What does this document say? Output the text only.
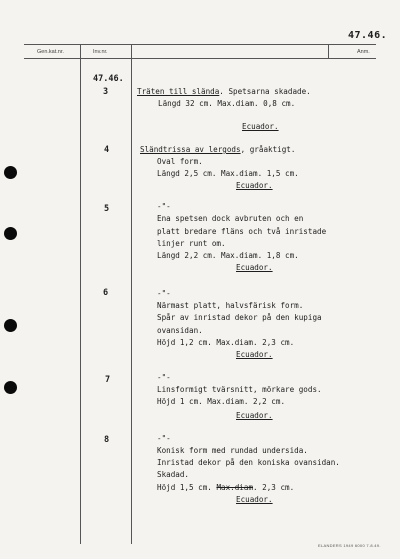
47.46.
Gen.kat.nr.	Inv.nr.	Anm.
47.46.
3	Träten till slända. Spetsarna skadade.
Längd 32 cm. Max.diam. 0,8 cm.
Ecuador.
4	Sländtrissa av lergods, gråaktigt.
Oval form.
Längd 2,5 cm. Max.diam. 1,5 cm.
Ecuador.
5	-"-
Ena spetsen dock avbruten och en
platt bredare fläns och två inristade
linjer runt om.
Längd 2,2 cm. Max.diam. 1,8 cm.
Ecuador.
6	-"-
Närmast platt, halvsfärisk form.
Spår av inristad dekor på den kupiga
ovansidan.
Höjd 1,2 cm. Max.diam. 2,3 cm.
Ecuador.
7	-"-
Linsformigt tvärsnitt, mörkare gods.
Höjd 1 cm. Max.diam. 2,2 cm.
Ecuador.
8	-"-
Konisk form med rundad undersida.
Inristad dekor på den koniska ovansidan.
Skadad.
Höjd 1,5 cm. Max.diam. 2,3 cm.
Ecuador.
ELANDERS 1949 6000 7.8.49.
